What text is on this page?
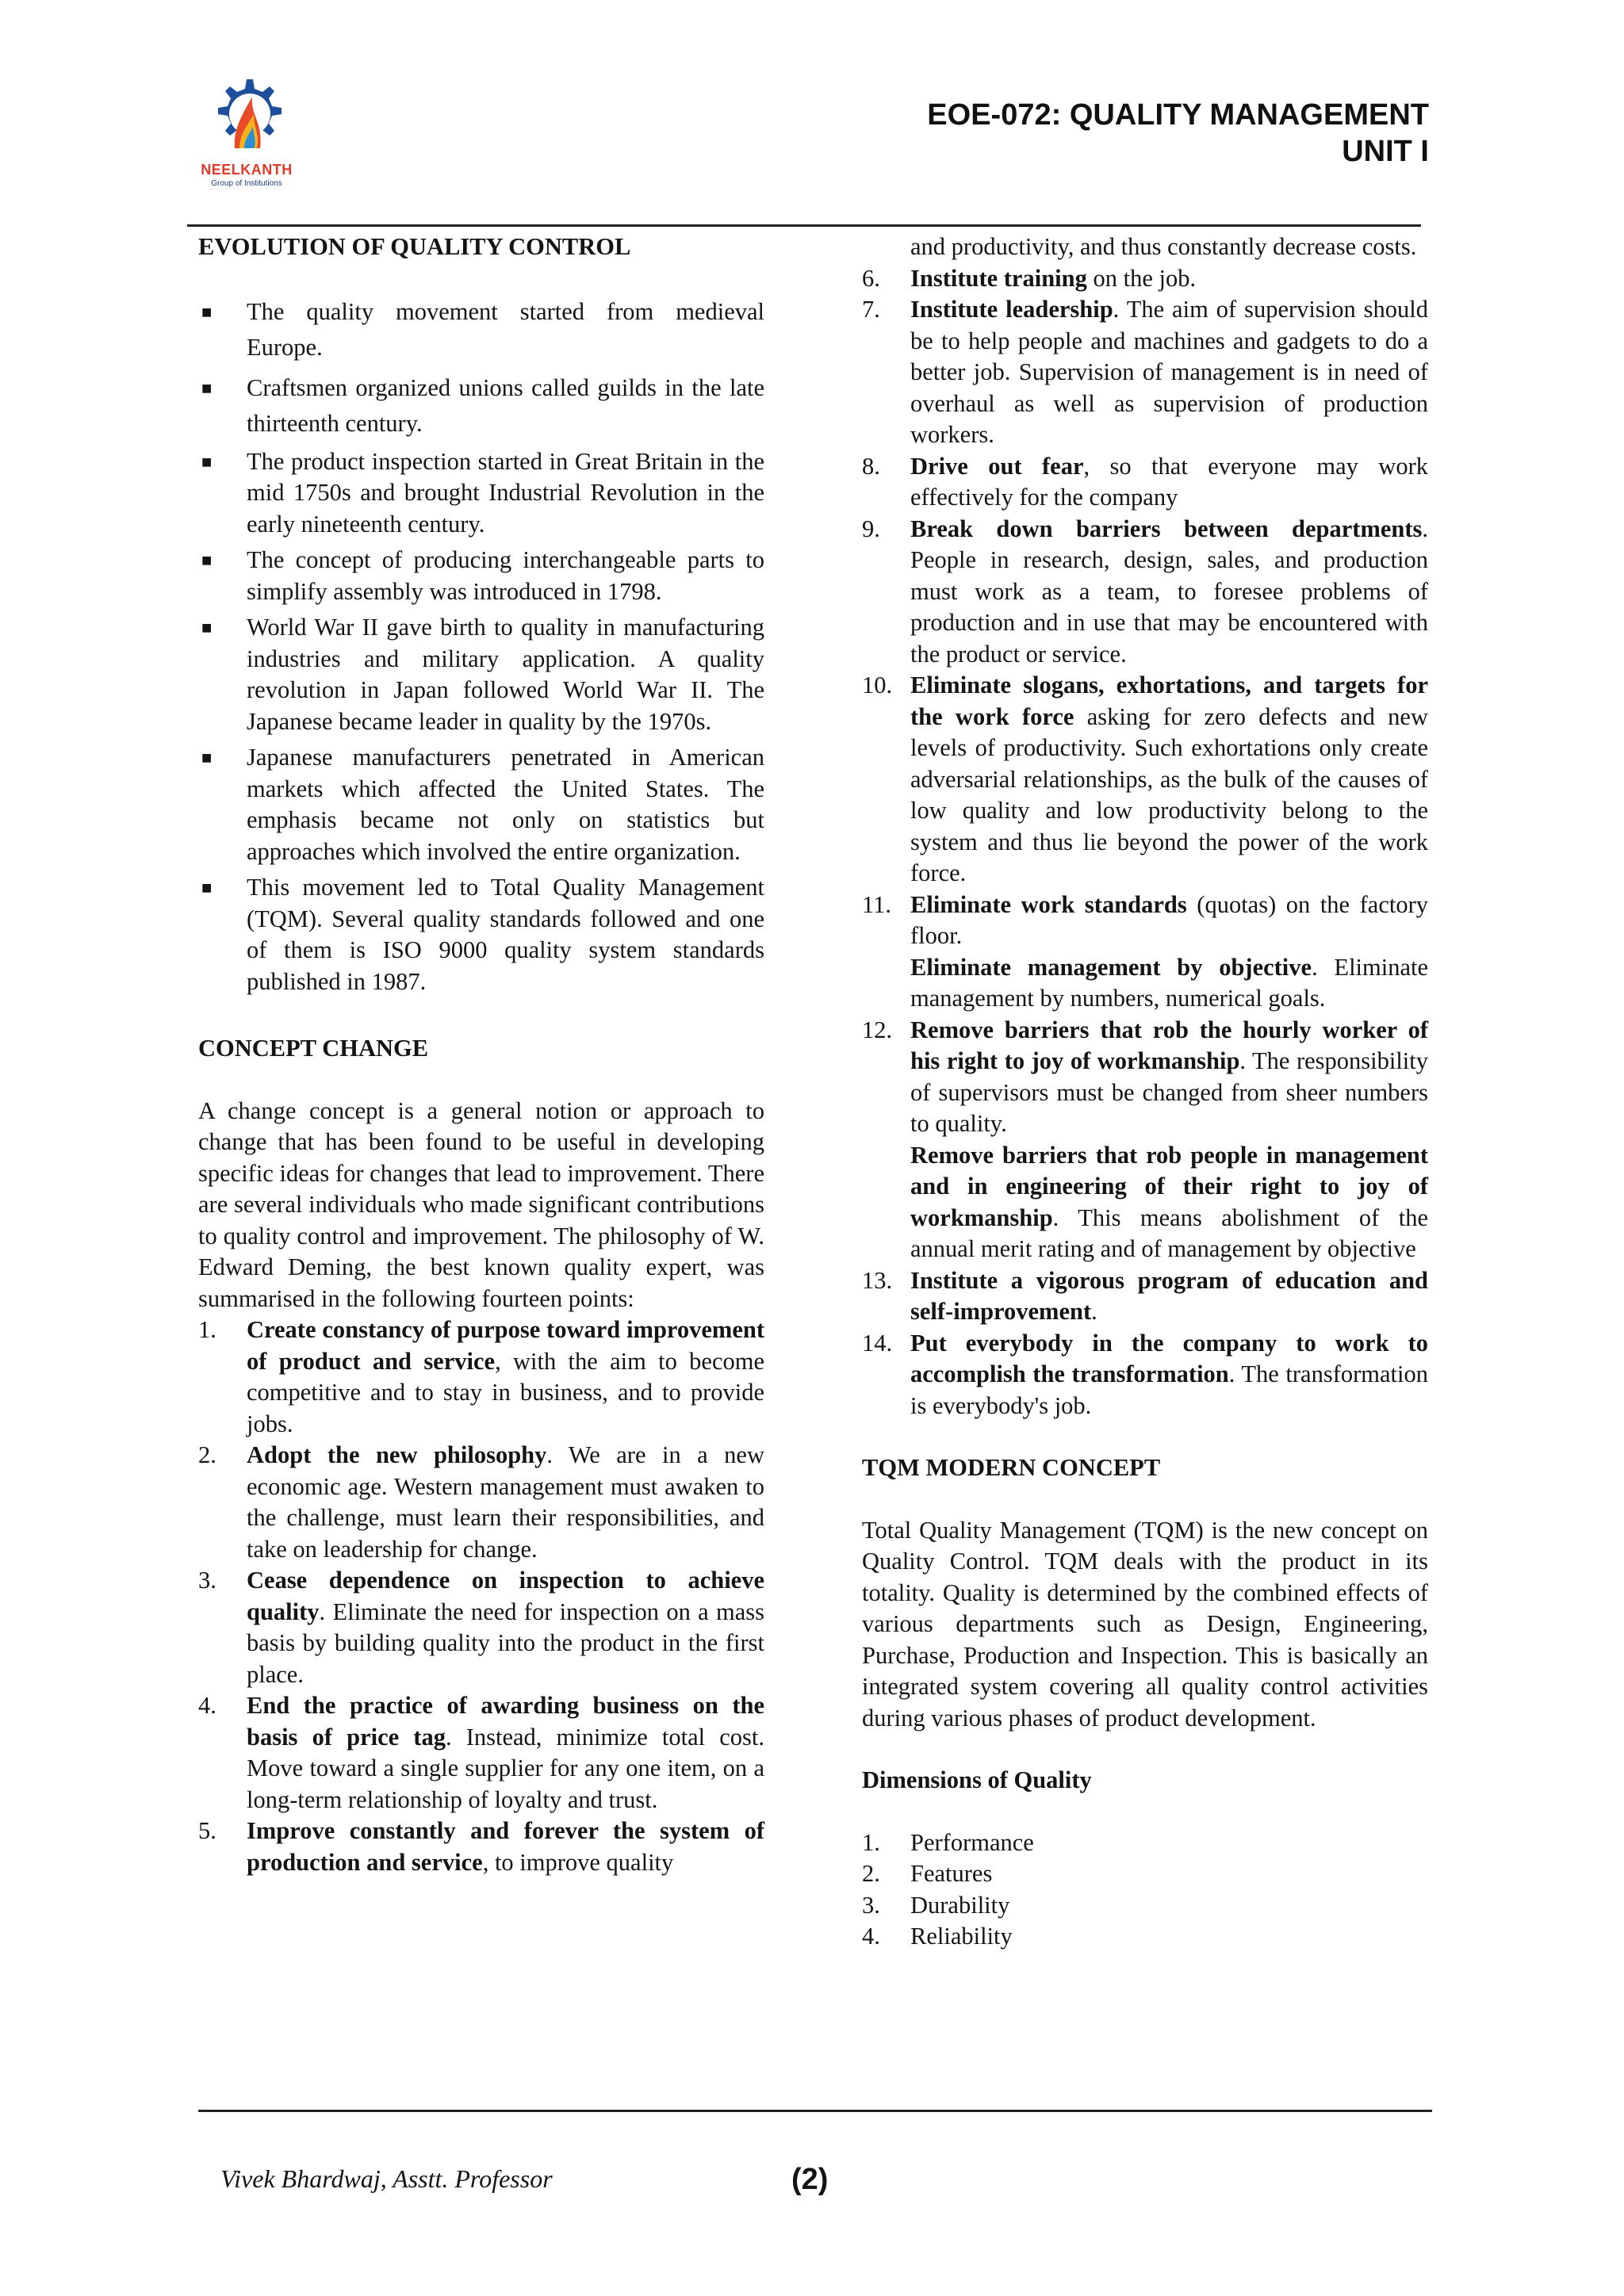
NEELKANTH
Group of Institutions
EOE-072: QUALITY MANAGEMENT
UNIT I

EVOLUTION OF QUALITY CONTROL

■ The quality movement started from medieval Europe.
■ Craftsmen organized unions called guilds in the late thirteenth century.
■ The product inspection started in Great Britain in the mid 1750s and brought Industrial Revolution in the early nineteenth century.
■ The concept of producing interchangeable parts to simplify assembly was introduced in 1798.
■ World War II gave birth to quality in manufacturing industries and military application. A quality revolution in Japan followed World War II. The Japanese became leader in quality by the 1970s.
■ Japanese manufacturers penetrated in American markets which affected the United States. The emphasis became not only on statistics but approaches which involved the entire organization.
■ This movement led to Total Quality Management (TQM). Several quality standards followed and one of them is ISO 9000 quality system standards published in 1987.

CONCEPT CHANGE

A change concept is a general notion or approach to change that has been found to be useful in developing specific ideas for changes that lead to improvement. There are several individuals who made significant contributions to quality control and improvement. The philosophy of W. Edward Deming, the best known quality expert, was summarised in the following fourteen points:

1. Create constancy of purpose toward improvement of product and service, with the aim to become competitive and to stay in business, and to provide jobs.
2. Adopt the new philosophy. We are in a new economic age. Western management must awaken to the challenge, must learn their responsibilities, and take on leadership for change.
3. Cease dependence on inspection to achieve quality. Eliminate the need for inspection on a mass basis by building quality into the product in the first place.
4. End the practice of awarding business on the basis of price tag. Instead, minimize total cost. Move toward a single supplier for any one item, on a long-term relationship of loyalty and trust.
5. Improve constantly and forever the system of production and service, to improve quality
and productivity, and thus constantly decrease costs.
6. Institute training on the job.
7. Institute leadership. The aim of supervision should be to help people and machines and gadgets to do a better job. Supervision of management is in need of overhaul as well as supervision of production workers.
8. Drive out fear, so that everyone may work effectively for the company
9. Break down barriers between departments. People in research, design, sales, and production must work as a team, to foresee problems of production and in use that may be encountered with the product or service.
10. Eliminate slogans, exhortations, and targets for the work force asking for zero defects and new levels of productivity. Such exhortations only create adversarial relationships, as the bulk of the causes of low quality and low productivity belong to the system and thus lie beyond the power of the work force.
11. Eliminate work standards (quotas) on the factory floor.
Eliminate management by objective. Eliminate management by numbers, numerical goals.
12. Remove barriers that rob the hourly worker of his right to joy of workmanship. The responsibility of supervisors must be changed from sheer numbers to quality.
Remove barriers that rob people in management and in engineering of their right to joy of workmanship. This means abolishment of the annual merit rating and of management by objective
13. Institute a vigorous program of education and self-improvement.
14. Put everybody in the company to work to accomplish the transformation. The transformation is everybody's job.

TQM MODERN CONCEPT

Total Quality Management (TQM) is the new concept on Quality Control. TQM deals with the product in its totality. Quality is determined by the combined effects of various departments such as Design, Engineering, Purchase, Production and Inspection. This is basically an integrated system covering all quality control activities during various phases of product development.

Dimensions of Quality

1. Performance
2. Features
3. Durability
4. Reliability
Vivek Bhardwaj, Asstt. Professor	(2)
